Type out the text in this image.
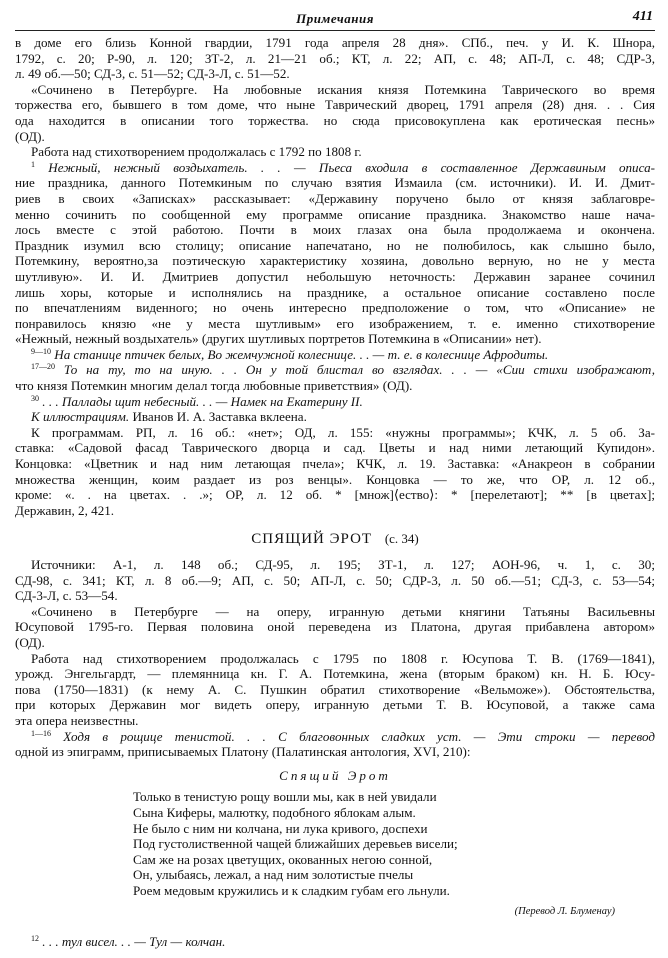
Примечания	411

в доме его близь Конной гвардии, 1791 года апреля 28 дня». СПб., печ. у И. К. Шнора,
1792, с. 20; Р-90, л. 120; ЗТ-2, л. 21—21 об.; КТ, л. 22; АП, с. 48; АП-Л, с. 48; СДР-3,
л. 49 об.—50; СД-3, с. 51—52; СД-3-Л, с. 51—52.

«Сочинено в Петербурге. На любовные искания князя Потемкина Таврического во время
торжества его, бывшего в том доме, что ныне Таврический дворец, 1791 апреля (28) дня. . . Сия
ода находится в описании того торжества. но сюда присовокуплена как еротическая песнь»
(ОД).

Работа над стихотворением продолжалась с 1792 по 1808 г.

$^1$ Нежный, нежный воздыхатель. . . — Пьеса входила в составленное Державиным описа-
ние праздника, данного Потемкиным по случаю взятия Измаила (см. источники). И. И. Дмит-
риев в своих «Записках» рассказывает: «Державину поручено было от князя заблаговре-
менно сочинить по сообщенной ему программе описание праздника. Знакомство наше нача-
лось вместе с этой работою. Почти в моих глазах она была продолжаема и окончена.
Праздник изумил всю столицу; описание напечатано, но не полюбилось, как слышно было,
Потемкину, вероятно,за поэтическую характеристику хозяина, довольно верную, но не у места
шутливую». И. И. Дмитриев допустил небольшую неточность: Державин заранее сочинил
лишь хоры, которые и исполнялись на празднике, а остальное описание составлено после
по впечатлениям виденного; но очень интересно предположение о том, что «Описание» не
понравилось князю «не у места шутливым» его изображением, т. е. именно стихотворение
«Нежный, нежный воздыхатель» (других шутливых портретов Потемкина в «Описании» нет).

$^{9—10}$ На станице птичек белых, Во жемчужной колеснице. . . — т. е. в колеснице Афродиты.

$^{17—20}$ То на ту, то на иную. . . Он у той блистал во взглядах. . . — «Сии стихи изображают,
что князя Потемкин многим делал тогда любовные приветствия» (ОД).

$^{30}$ . . . Паллады щит небесный. . . — Намек на Екатерину II.

К иллюстрациям. Иванов И. А. Заставка вклеена.

К программам. РП, л. 16 об.: «нет»; ОД, л. 155: «нужны программы»; КЧК, л. 5 об. За-
ставка: «Садовой фасад Таврического дворца и сад. Цветы и над ними летающий Купидон».
Концовка: «Цветник и над ним летающая пчела»; КЧК, л. 19. Заставка: «Анакреон в собрании
множества женщин, коим раздает из роз венцы». Концовка — то же, что ОР, л. 12 об.,
кроме: «. . на цветах. . .»; ОР, л. 12 об. * [множ]⟨ество⟩: * [перелетают]; ** [в цветах];
Державин, 2, 421.

СПЯЩИЙ ЭРОТ (с. 34)

Источники: А-1, л. 148 об.; СД-95, л. 195; ЗТ-1, л. 127; АОН-96, ч. 1, с. 30;
СД-98, с. 341; КТ, л. 8 об.—9; АП, с. 50; АП-Л, с. 50; СДР-3, л. 50 об.—51; СД-3, с. 53—54;
СД-3-Л, с. 53—54.

«Сочинено в Петербурге — на оперу, игранную детьми княгини Татьяны Васильевны
Юсуповой 1795-го. Первая половина оной переведена из Платона, другая прибавлена автором»
(ОД).

Работа над стихотворением продолжалась с 1795 по 1808 г. Юсупова Т. В. (1769—1841),
урожд. Энгельгардт, — племянница кн. Г. А. Потемкина, жена (вторым браком) кн. Н. Б. Юсу-
пова (1750—1831) (к нему А. С. Пушкин обратил стихотворение «Вельможе»). Обстоятельства,
при которых Державин мог видеть оперу, игранную детьми Т. В. Юсуповой, а также сама
эта опера неизвестны.

$^{1—16}$ Ходя в рощице тенистой. . . С благовонных сладких уст. — Эти строки — перевод
одной из эпиграмм, приписываемых Платону (Палатинская антология, XVI, 210):

Спящий Эрот
Только в тенистую рощу вошли мы, как в ней увидали
Сына Киферы, малютку, подобного яблокам алым.
Не было с ним ни колчана, ни лука кривого, доспехи
Под густолиственной чащей ближайших деревьев висели;
Сам же на розах цветущих, окованных негою сонной,
Он, улыбаясь, лежал, а над ним золотистые пчелы
Роем медовым кружились и к сладким губам его льнули.
(Перевод Л. Блуменау)

$^{12}$ . . . тул висел. . . — Тул — колчан.
